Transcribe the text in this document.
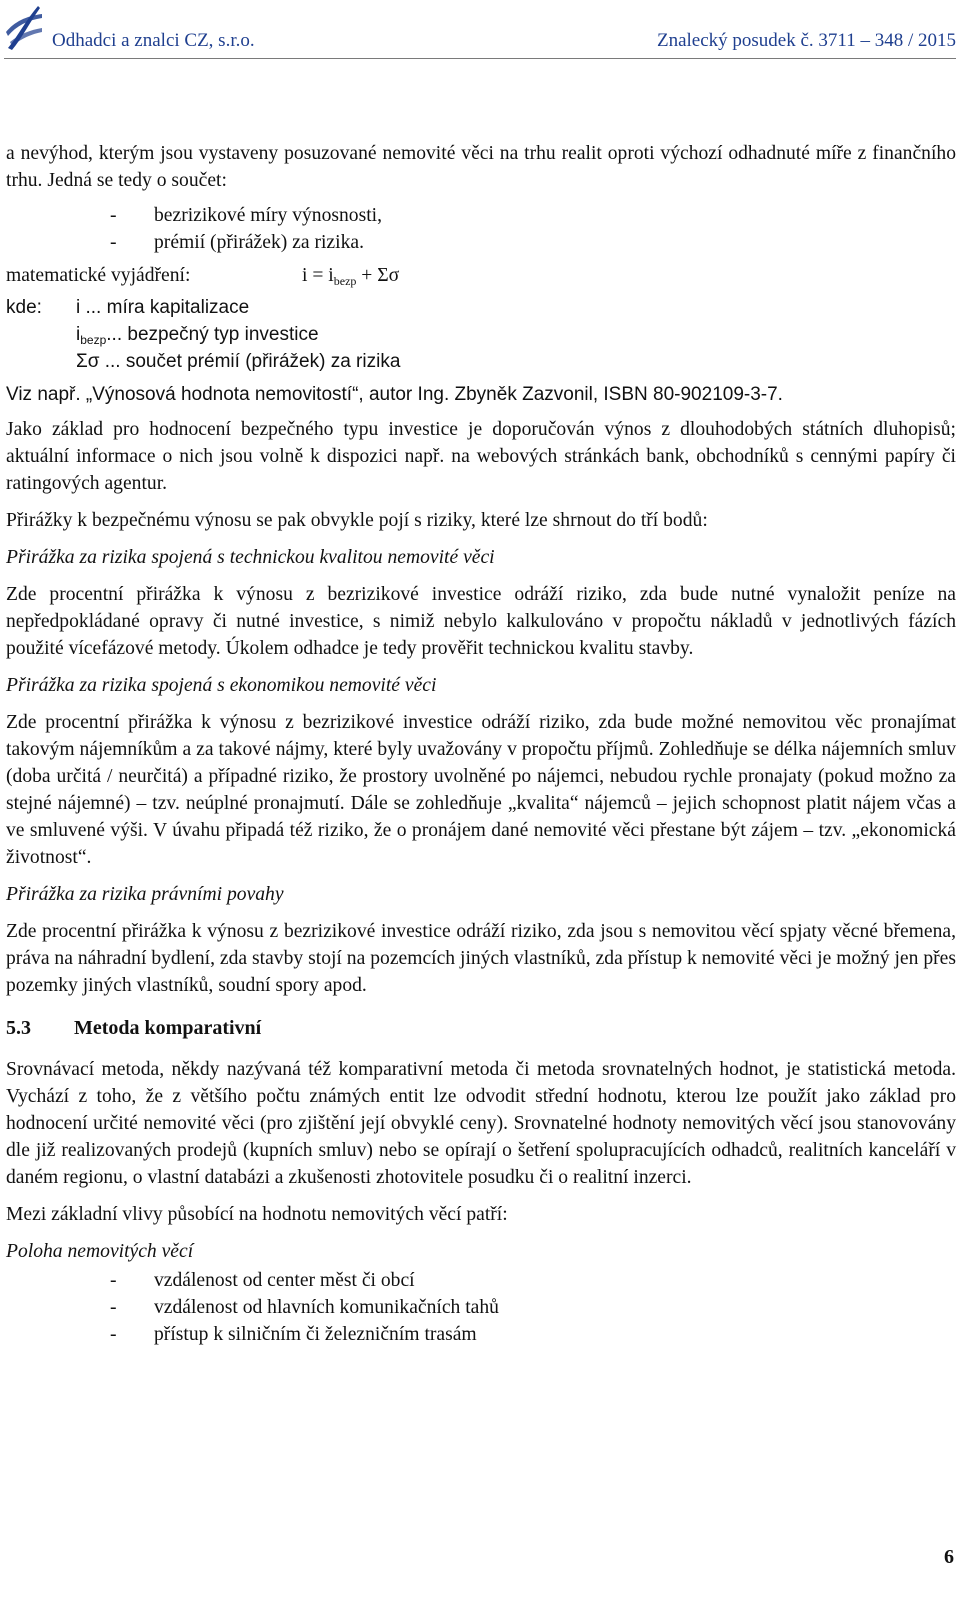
Odhadci a znalci CZ, s.r.o.	Znalecký posudek č. 3711 – 348 / 2015

a nevýhod, kterým jsou vystaveny posuzované nemovité věci na trhu realit oproti výchozí odhadnuté míře z finančního trhu. Jedná se tedy o součet:

- bezrizikové míry výnosnosti,
- prémií (přirážek) za rizika.
matematické vyjádření:	$i = i_{bezp} + \Sigma\sigma$
kde: i ... míra kapitalizace
$i_{bezp}$... bezpečný typ investice
Σσ ... součet prémií (přirážek) za rizika

Viz např. „Výnosová hodnota nemovitostí“, autor Ing. Zbyněk Zazvonil, ISBN 80-902109-3-7.

Jako základ pro hodnocení bezpečného typu investice je doporučován výnos z dlouhodobých státních dluhopisů; aktuální informace o nich jsou volně k dispozici např. na webových stránkách bank, obchodníků s cennými papíry či ratingových agentur.

Přirážky k bezpečnému výnosu se pak obvykle pojí s riziky, které lze shrnout do tří bodů:

Přirážka za rizika spojená s technickou kvalitou nemovité věci

Zde procentní přirážka k výnosu z bezrizikové investice odráží riziko, zda bude nutné vynaložit peníze na nepředpokládané opravy či nutné investice, s nimiž nebylo kalkulováno v propočtu nákladů v jednotlivých fázích použité vícefázové metody. Úkolem odhadce je tedy prověřit technickou kvalitu stavby.

Přirážka za rizika spojená s ekonomikou nemovité věci

Zde procentní přirážka k výnosu z bezrizikové investice odráží riziko, zda bude možné nemovitou věc pronajímat takovým nájemníkům a za takové nájmy, které byly uvažovány v propočtu příjmů. Zohledňuje se délka nájemních smluv (doba určitá / neurčitá) a případné riziko, že prostory uvolněné po nájemci, nebudou rychle pronajaty (pokud možno za stejné nájemné) – tzv. neúplné pronajmutí. Dále se zohledňuje „kvalita“ nájemců – jejich schopnost platit nájem včas a ve smluvené výši. V úvahu připadá též riziko, že o pronájem dané nemovité věci přestane být zájem – tzv. „ekonomická životnost“.

Přirážka za rizika právními povahy

Zde procentní přirážka k výnosu z bezrizikové investice odráží riziko, zda jsou s nemovitou věcí spjaty věcné břemena, práva na náhradní bydlení, zda stavby stojí na pozemcích jiných vlastníků, zda přístup k nemovité věci je možný jen přes pozemky jiných vlastníků, soudní spory apod.

5.3 Metoda komparativní

Srovnávací metoda, někdy nazývaná též komparativní metoda či metoda srovnatelných hodnot, je statistická metoda. Vychází z toho, že z většího počtu známých entit lze odvodit střední hodnotu, kterou lze použít jako základ pro hodnocení určité nemovité věci (pro zjištění její obvyklé ceny). Srovnatelné hodnoty nemovitých věcí jsou stanovovány dle již realizovaných prodejů (kupních smluv) nebo se opírají o šetření spolupracujících odhadců, realitních kanceláří v daném regionu, o vlastní databázi a zkušenosti zhotovitele posudku či o realitní inzerci.

Mezi základní vlivy působící na hodnotu nemovitých věcí patří:

Poloha nemovitých věcí

- vzdálenost od center měst či obcí
- vzdálenost od hlavních komunikačních tahů
- přístup k silničním či železničním trasám
6
